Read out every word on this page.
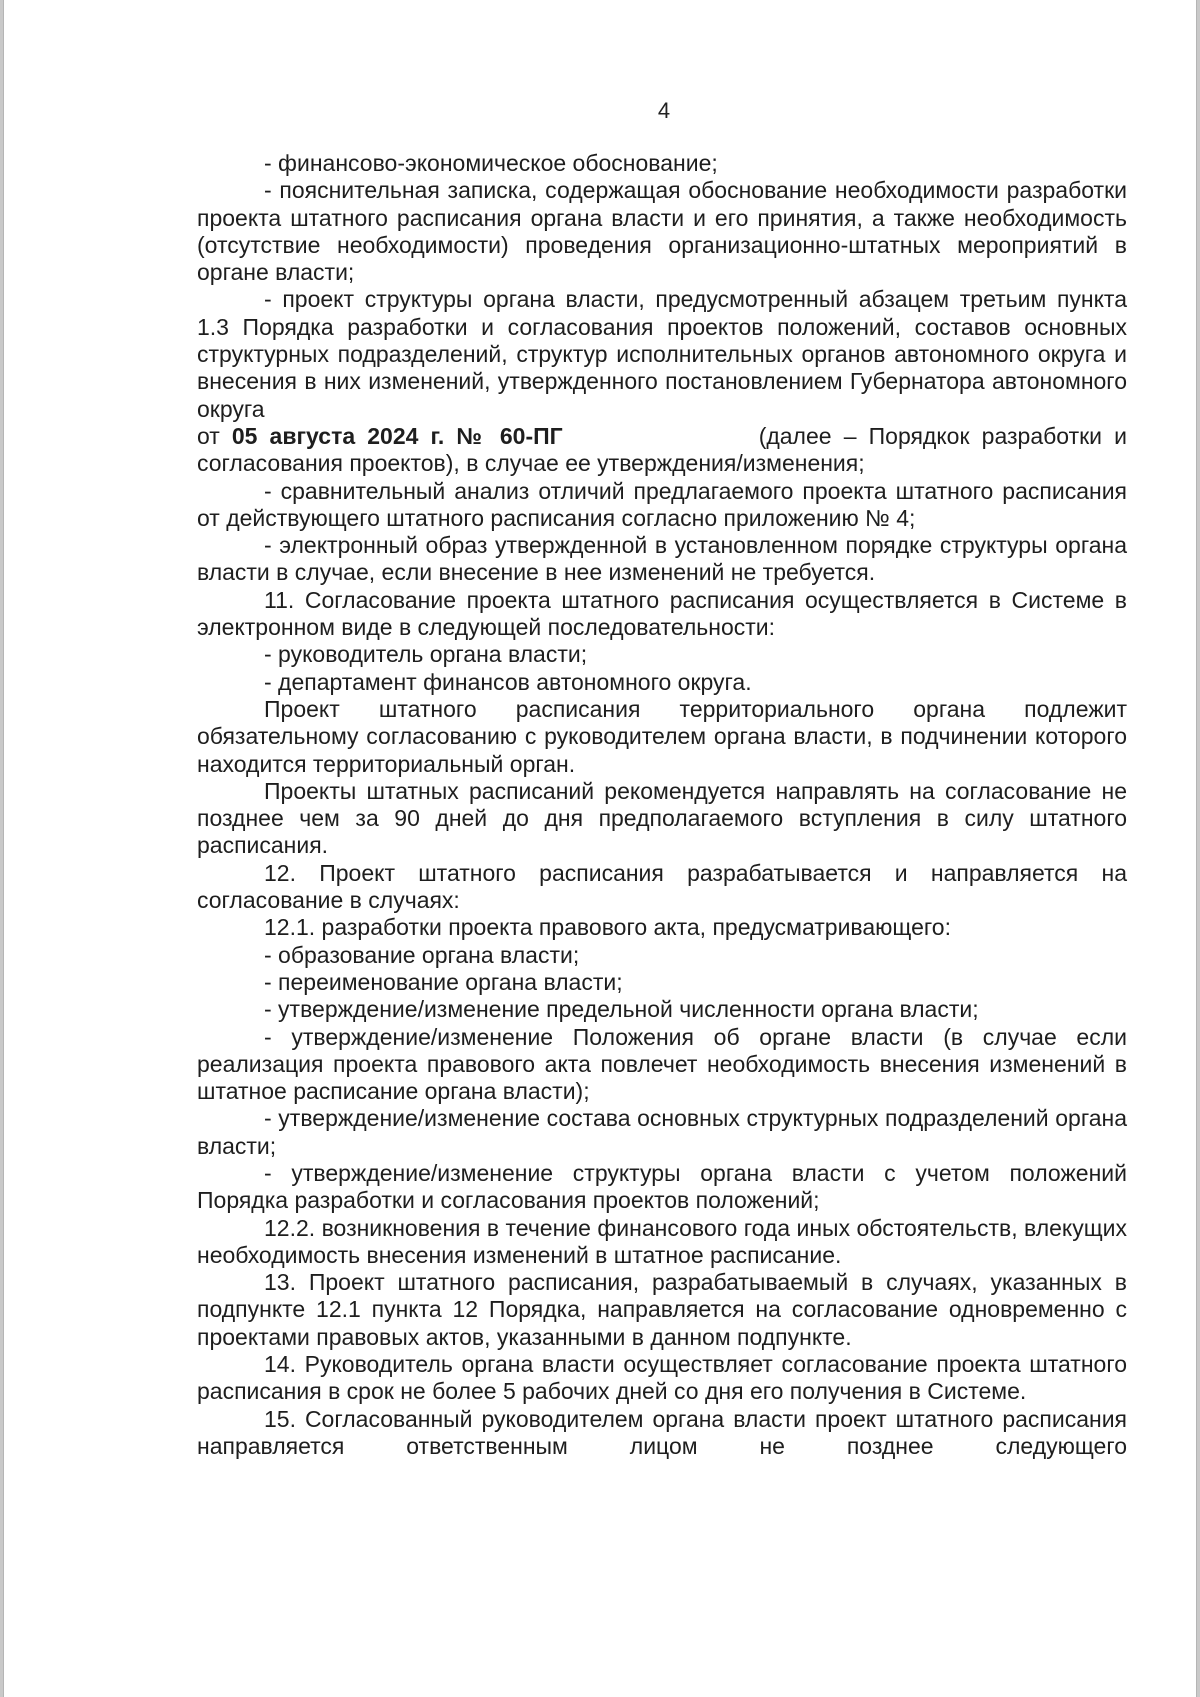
4

- финансово-экономическое обоснование;

- пояснительная записка, содержащая обоснование необходимости разработки проекта штатного расписания органа власти и его принятия, а также необходимость (отсутствие необходимости) проведения организационно-штатных мероприятий в органе власти;

- проект структуры органа власти, предусмотренный абзацем третьим пункта 1.3 Порядка разработки и согласования проектов положений, составов основных структурных подразделений, структур исполнительных органов автономного округа и внесения в них изменений, утвержденного постановлением Губернатора автономного округа

от 05 августа 2024 г. № 60-ПГ	(далее – Порядкок разработки и согласования проектов), в случае ее утверждения/изменения;

- сравнительный анализ отличий предлагаемого проекта штатного расписания от действующего штатного расписания согласно приложению № 4;

- электронный образ утвержденной в установленном порядке структуры органа власти в случае, если внесение в нее изменений не требуется.

11. Согласование проекта штатного расписания осуществляется в Системе в электронном виде в следующей последовательности:

- руководитель органа власти;

- департамент финансов автономного округа.

Проект штатного расписания территориального органа подлежит обязательному согласованию с руководителем органа власти, в подчинении которого находится территориальный орган.

Проекты штатных расписаний рекомендуется направлять на согласование не позднее чем за 90 дней до дня предполагаемого вступления в силу штатного расписания.

12. Проект штатного расписания разрабатывается и направляется на согласование в случаях:

12.1. разработки проекта правового акта, предусматривающего:

- образование органа власти;

- переименование органа власти;

- утверждение/изменение предельной численности органа власти;

- утверждение/изменение Положения об органе власти (в случае если реализация проекта правового акта повлечет необходимость внесения изменений в штатное расписание органа власти);

- утверждение/изменение состава основных структурных подразделений органа власти;

- утверждение/изменение структуры органа власти с учетом положений Порядка разработки и согласования проектов положений;

12.2. возникновения в течение финансового года иных обстоятельств, влекущих необходимость внесения изменений в штатное расписание.

13. Проект штатного расписания, разрабатываемый в случаях, указанных в подпункте 12.1 пункта 12 Порядка, направляется на согласование одновременно с проектами правовых актов, указанными в данном подпункте.

14. Руководитель органа власти осуществляет согласование проекта штатного расписания в срок не более 5 рабочих дней со дня его получения в Системе.

15. Согласованный руководителем органа власти проект штатного расписания направляется ответственным лицом не позднее следующего
